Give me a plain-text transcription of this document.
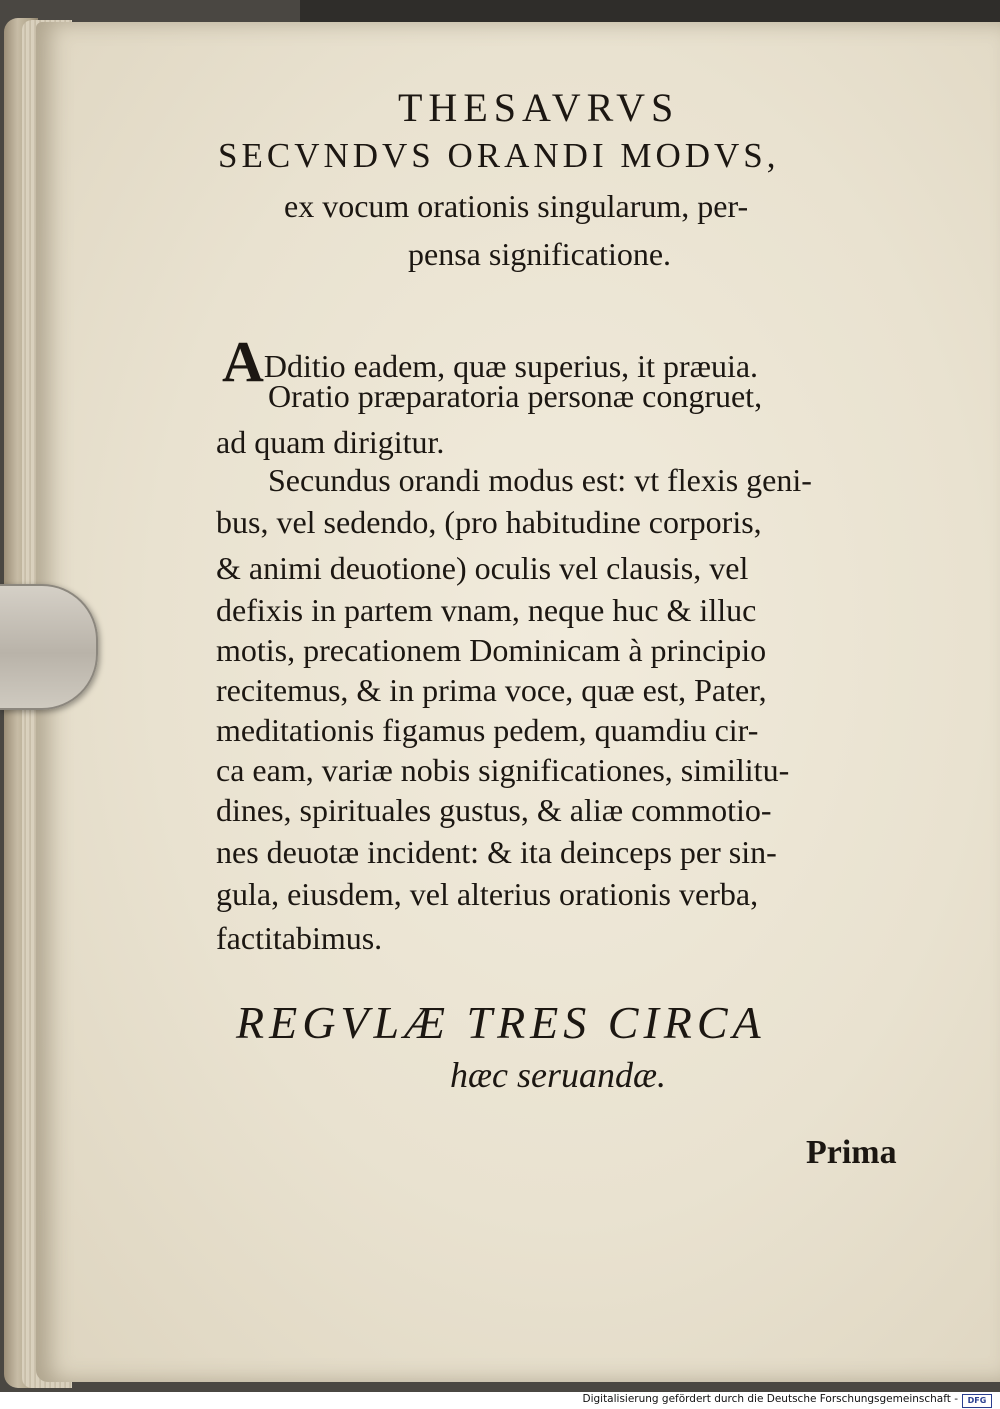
THESAVRVS
SECVNDVS ORANDI MODVS,
ex vocum orationis singularum, per-
pensa significatione.
ADditio eadem, quæ superius, it præuia.
Oratio præparatoria personæ congruet,
ad quam dirigitur.
Secundus orandi modus est: vt flexis geni-
bus, vel sedendo, (pro habitudine corporis,
& animi deuotione) oculis vel clausis, vel
defixis in partem vnam, neque huc & illuc
motis, precationem Dominicam à principio
recitemus, & in prima voce, quæ est, Pater,
meditationis figamus pedem, quamdiu cir-
ca eam, variæ nobis significationes, similitu-
dines, spirituales gustus, & aliæ commotio-
nes deuotæ incident: & ita deinceps per sin-
gula, eiusdem, vel alterius orationis verba,
factitabimus.
REGVLÆ TRES CIRCA
hæc seruandæ.
Prima
Digitalisierung gefördert durch die Deutsche Forschungsgemeinschaft - DFG
